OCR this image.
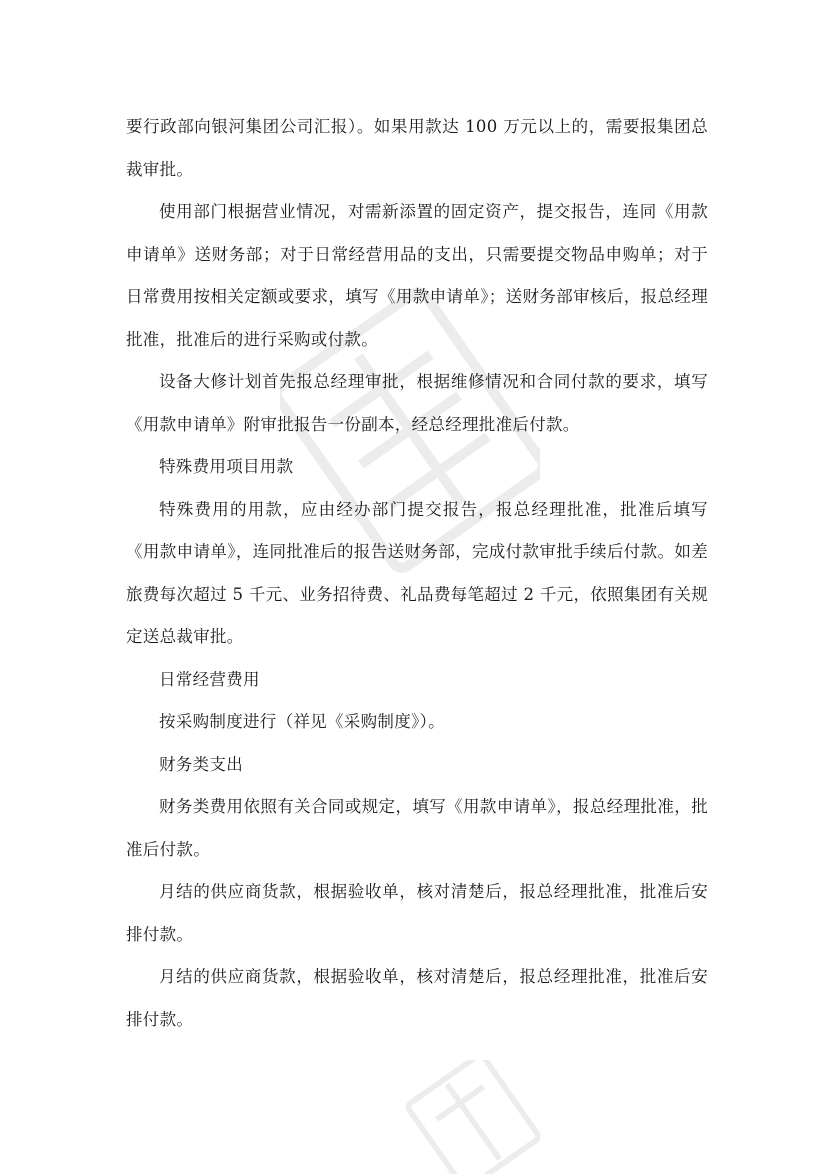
要行政部向银河集团公司汇报）。如果用款达 100 万元以上的，需要报集团总裁审批。

使用部门根据营业情况，对需新添置的固定资产，提交报告，连同《用款申请单》送财务部；对于日常经营用品的支出，只需要提交物品申购单；对于日常费用按相关定额或要求，填写《用款申请单》；送财务部审核后，报总经理批准，批准后的进行采购或付款。

设备大修计划首先报总经理审批，根据维修情况和合同付款的要求，填写《用款申请单》附审批报告一份副本，经总经理批准后付款。

特殊费用项目用款

特殊费用的用款，应由经办部门提交报告，报总经理批准，批准后填写《用款申请单》，连同批准后的报告送财务部，完成付款审批手续后付款。如差旅费每次超过 5 千元、业务招待费、礼品费每笔超过 2 千元，依照集团有关规定送总裁审批。

日常经营费用

按采购制度进行（祥见《采购制度》）。

财务类支出

财务类费用依照有关合同或规定，填写《用款申请单》，报总经理批准，批准后付款。

月结的供应商货款，根据验收单，核对清楚后，报总经理批准，批准后安排付款。

月结的供应商货款，根据验收单，核对清楚后，报总经理批准，批准后安排付款。
